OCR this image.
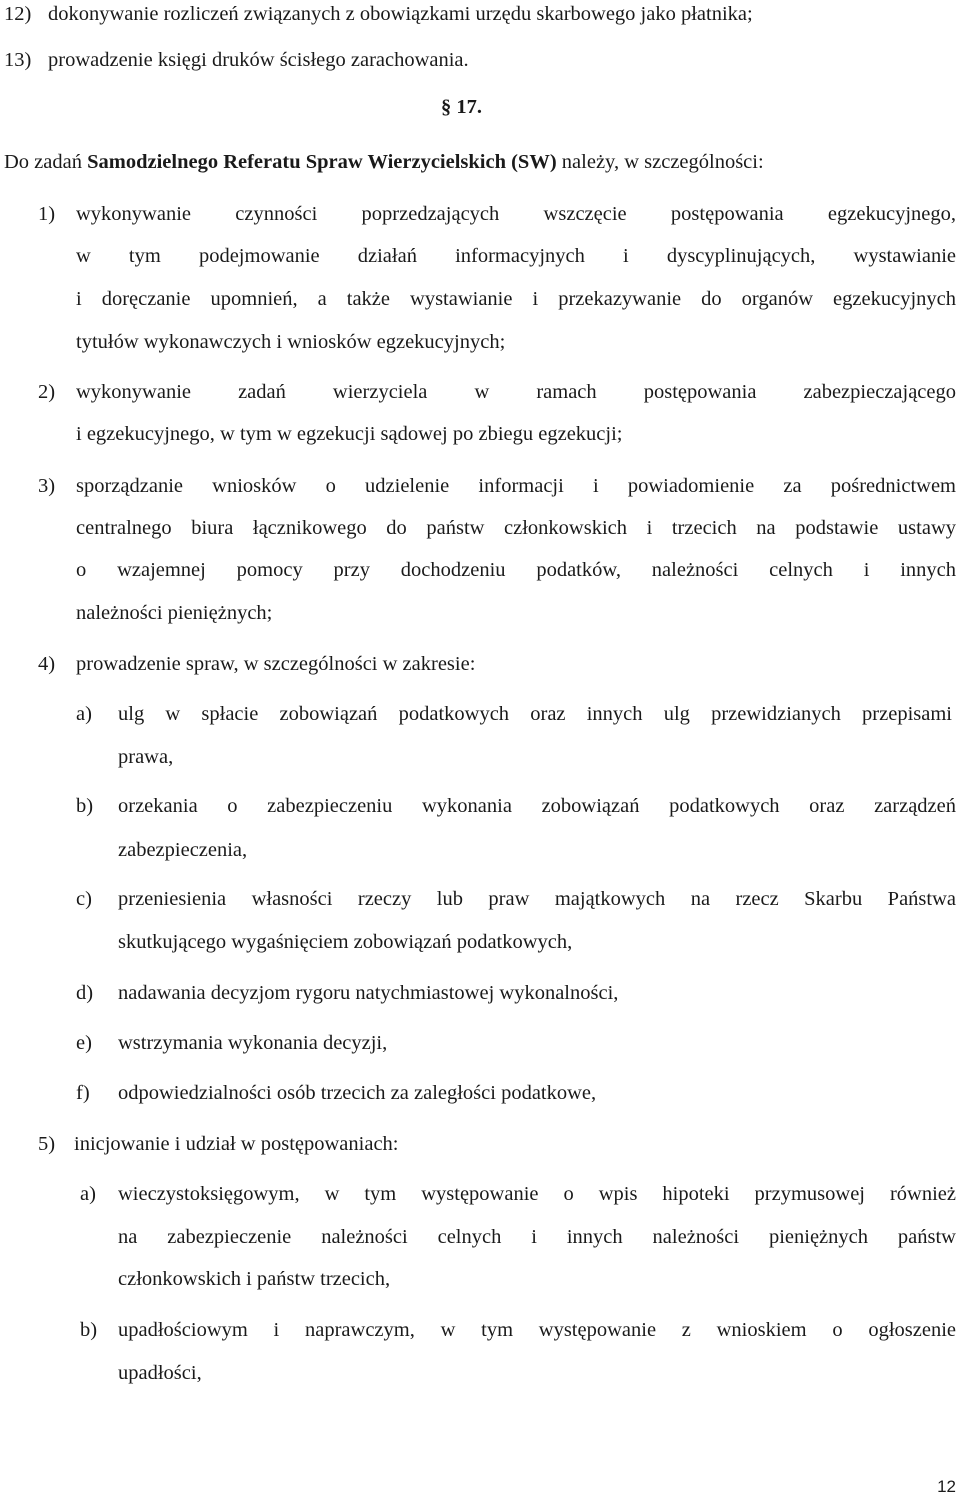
12) dokonywanie rozliczeń związanych z obowiązkami urzędu skarbowego jako płatnika;
13) prowadzenie księgi druków ścisłego zarachowania.
§ 17.
Do zadań Samodzielnego Referatu Spraw Wierzycielskich (SW) należy, w szczególności:
1) wykonywanie czynności poprzedzających wszczęcie postępowania egzekucyjnego,
w tym podejmowanie działań informacyjnych i dyscyplinujących, wystawianie
i doręczanie upomnień, a także wystawianie i przekazywanie do organów egzekucyjnych
tytułów wykonawczych i wniosków egzekucyjnych;
2) wykonywanie zadań wierzyciela w ramach postępowania zabezpieczającego
i egzekucyjnego, w tym w egzekucji sądowej po zbiegu egzekucji;
3) sporządzanie wniosków o udzielenie informacji i powiadomienie za pośrednictwem
centralnego biura łącznikowego do państw członkowskich i trzecich na podstawie ustawy
o wzajemnej pomocy przy dochodzeniu podatków, należności celnych i innych
należności pieniężnych;
4) prowadzenie spraw, w szczególności w zakresie:
a) ulg w spłacie zobowiązań podatkowych oraz innych ulg przewidzianych przepisami
prawa,
b) orzekania o zabezpieczeniu wykonania zobowiązań podatkowych oraz zarządzeń
zabezpieczenia,
c) przeniesienia własności rzeczy lub praw majątkowych na rzecz Skarbu Państwa
skutkującego wygaśnięciem zobowiązań podatkowych,
d) nadawania decyzjom rygoru natychmiastowej wykonalności,
e) wstrzymania wykonania decyzji,
f) odpowiedzialności osób trzecich za zaległości podatkowe,
5) inicjowanie i udział w postępowaniach:
a) wieczystoksięgowym, w tym występowanie o wpis hipoteki przymusowej również
na zabezpieczenie należności celnych i innych należności pieniężnych państw
członkowskich i państw trzecich,
b) upadłościowym i naprawczym, w tym występowanie z wnioskiem o ogłoszenie
upadłości,
12
